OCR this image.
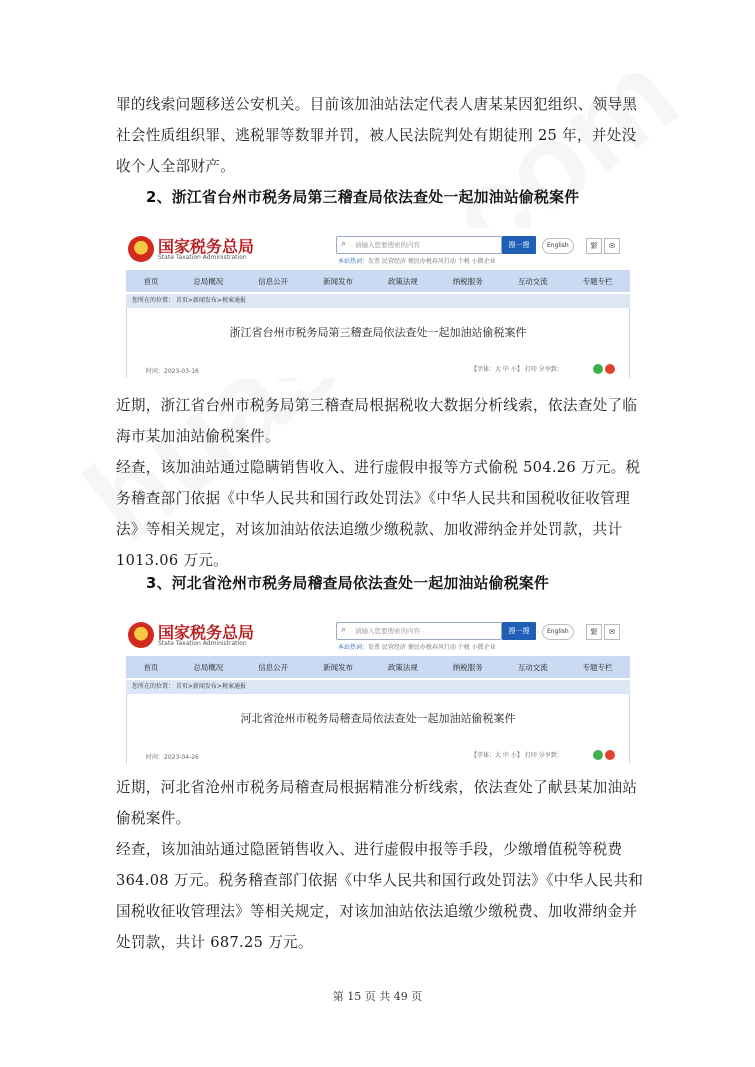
罪的线索问题移送公安机关。目前该加油站法定代表人唐某某因犯组织、领导黑社会性质组织罪、逃税罪等数罪并罚，被人民法院判处有期徒刑 25 年，并处没收个人全部财产。

2、浙江省台州市税务局第三稽查局依法查处一起加油站偷税案件
国家税务总局
State Taxation Administration
⌕ 请输入您要搜索的内容	搜一搜	English	繁	✉
本站热词：发票 民营经济 便民办税春风行动 个税 小微企业
首页	总局概况	信息公开	新闻发布	政策法规	纳税服务	互动交流	专题专栏
您所在的位置： 首页>新闻发布>税案通报
浙江省台州市税务局第三稽查局依法查处一起加油站偷税案件
时间：2023-03-16	【字体：大 中 小】 打印 分享到：

近期，浙江省台州市税务局第三稽查局根据税收大数据分析线索，依法查处了临海市某加油站偷税案件。

经查，该加油站通过隐瞒销售收入、进行虚假申报等方式偷税 504.26 万元。税务稽查部门依据《中华人民共和国行政处罚法》《中华人民共和国税收征收管理法》等相关规定，对该加油站依法追缴少缴税款、加收滞纳金并处罚款，共计 1013.06 万元。

3、河北省沧州市税务局稽查局依法查处一起加油站偷税案件
国家税务总局
State Taxation Administration
⌕ 请输入您要搜索的内容	搜一搜	English	繁	✉
本站热词：发票 民营经济 便民办税春风行动 个税 小微企业
首页	总局概况	信息公开	新闻发布	政策法规	纳税服务	互动交流	专题专栏
您所在的位置： 首页>新闻发布>税案通报
河北省沧州市税务局稽查局依法查处一起加油站偷税案件
时间：2023-04-26	【字体：大 中 小】 打印 分享到：

近期，河北省沧州市税务局稽查局根据精准分析线索，依法查处了献县某加油站偷税案件。

经查，该加油站通过隐匿销售收入、进行虚假申报等手段，少缴增值税等税费 364.08 万元。税务稽查部门依据《中华人民共和国行政处罚法》《中华人民共和国税收征收管理法》等相关规定，对该加油站依法追缴少缴税费、加收滞纳金并处罚款，共计 687.25 万元。

第 15 页 共 49 页
